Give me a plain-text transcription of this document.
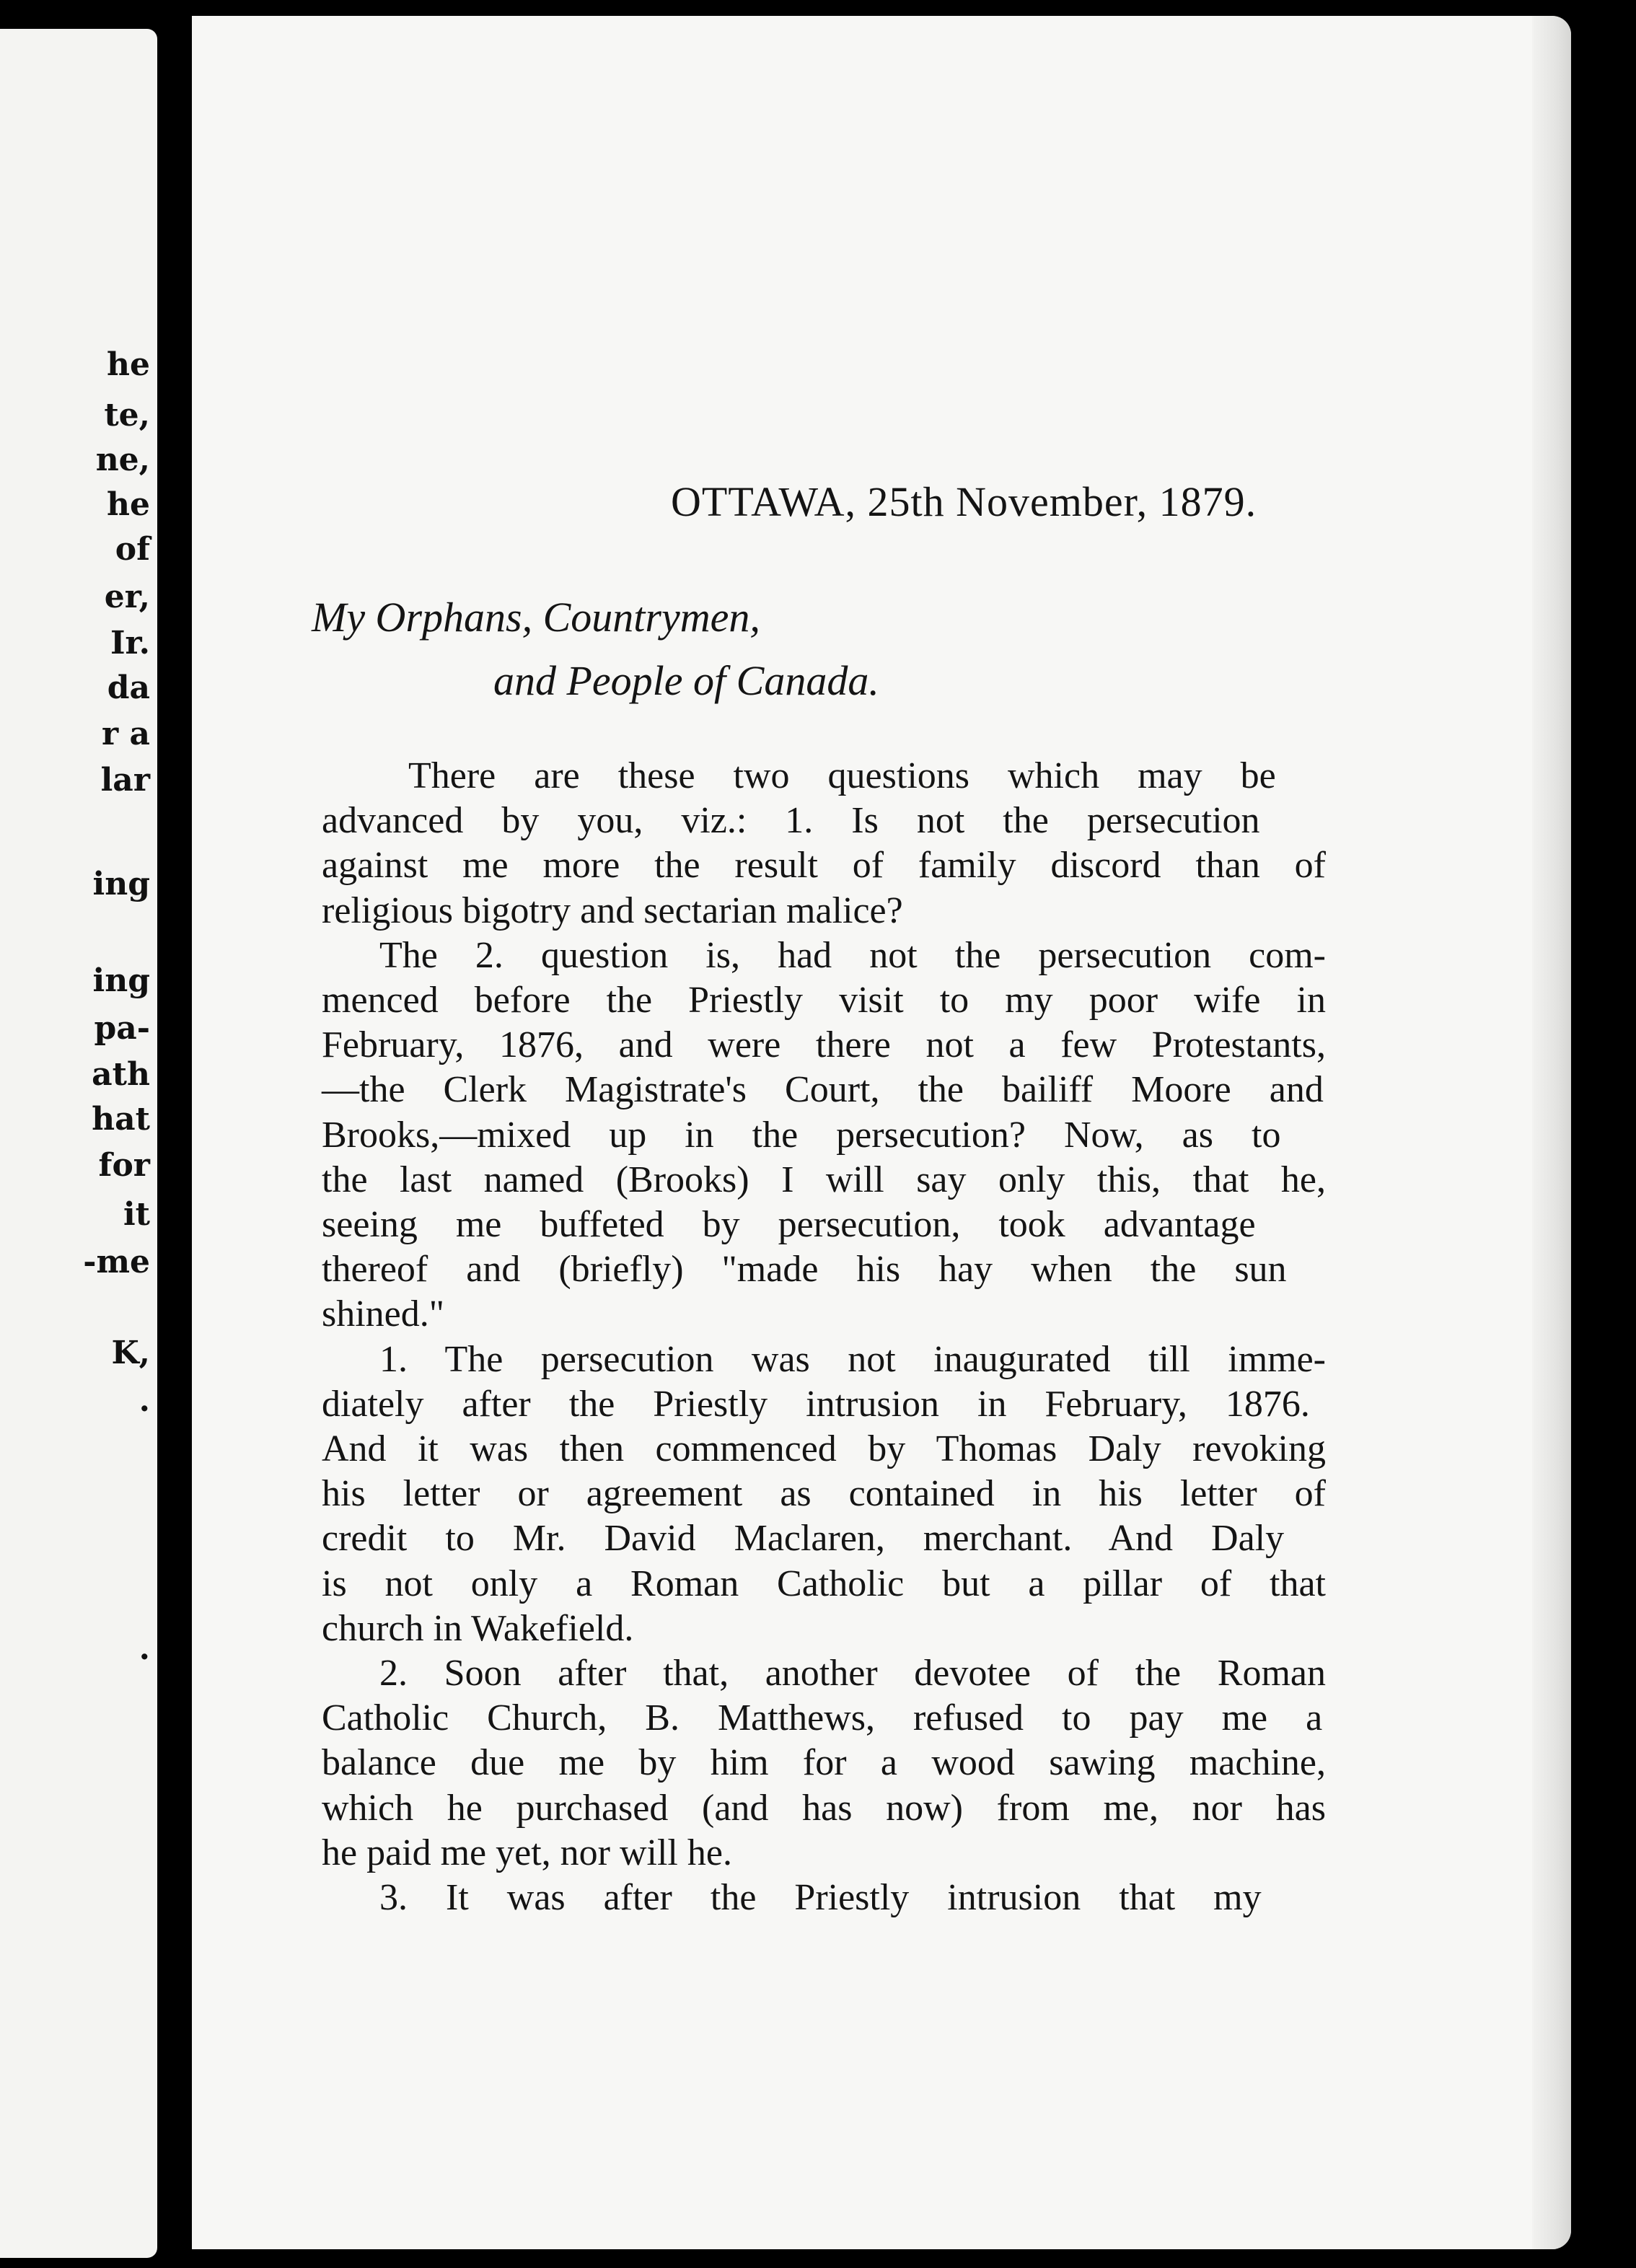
he
te,
ne,
he
of
er,
Ir.
da
r a
lar
ing
ing
pa-
ath
hat
for
it
-me
K,
.
.
OTTAWA, 25th November, 1879.
My Orphans, Countrymen,
and People of Canada.
There are these two questions which may be
advanced by you, viz.: 1. Is not the persecution
against me more the result of family discord than of
religious bigotry and sectarian malice?
The 2. question is, had not the persecution com-
menced before the Priestly visit to my poor wife in
February, 1876, and were there not a few Protestants,
—the Clerk Magistrate's Court, the bailiff Moore and
Brooks,—mixed up in the persecution? Now, as to
the last named (Brooks) I will say only this, that he,
seeing me buffeted by persecution, took advantage
thereof and (briefly) "made his hay when the sun
shined."
1. The persecution was not inaugurated till imme-
diately after the Priestly intrusion in February, 1876.
And it was then commenced by Thomas Daly revoking
his letter or agreement as contained in his letter of
credit to Mr. David Maclaren, merchant. And Daly
is not only a Roman Catholic but a pillar of that
church in Wakefield.
2. Soon after that, another devotee of the Roman
Catholic Church, B. Matthews, refused to pay me a
balance due me by him for a wood sawing machine,
which he purchased (and has now) from me, nor has
he paid me yet, nor will he.
3. It was after the Priestly intrusion that my
